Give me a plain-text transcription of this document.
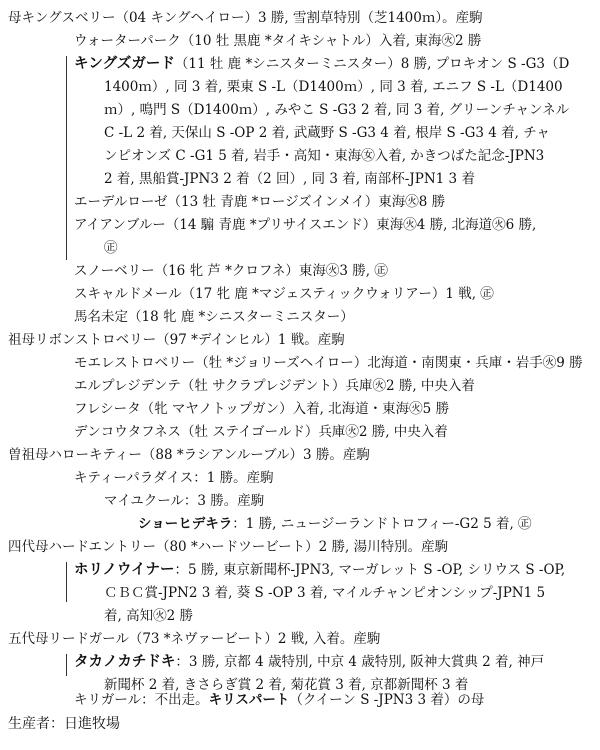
母キングスベリー（04 キングヘイロー）3 勝, 雪割草特別（芝1400ｍ）。産駒
ウォーターパーク（10 牡 黒鹿 *タイキシャトル）入着, 東海㊋2 勝
キングズガード（11 牡 鹿 *シニスターミニスター）8 勝, プロキオン S -G3（D
1400ｍ）, 同 3 着, 栗東 S -L（D1400ｍ）, 同 3 着, エニフ S -L（D1400
ｍ）, 鳴門 S（D1400ｍ）, みやこ S -G3 2 着, 同 3 着, グリーンチャンネル
C -L 2 着, 天保山 S -OP 2 着, 武蔵野 S -G3 4 着, 根岸 S -G3 4 着, チャ
ンピオンズ C -G1 5 着, 岩手・高知・東海㊛入着, かきつばた記念-JPN3
2 着, 黒船賞-JPN3 2 着（2 回）, 同 3 着, 南部杯-JPN1 3 着
エーデルローゼ（13 牡 青鹿 *ロージズインメイ）東海㊋8 勝
アイアンブルー（14 騸 青鹿 *プリサイスエンド）東海㊋4 勝, 北海道㊋6 勝,
㊣
スノーベリー（16 牝 芦 *クロフネ）東海㊋3 勝, ㊣
スキャルドメール（17 牝 鹿 *マジェスティックウォリアー）1 戦, ㊣
馬名未定（18 牝 鹿 *シニスターミニスター）
祖母リボンストロベリー（97 *デインヒル）1 戦。産駒
モエレストロベリー（牡 *ジョリーズヘイロー）北海道・南関東・兵庫・岩手㊋9 勝
エルプレジデンテ（牡 サクラプレジデント）兵庫㊋2 勝, 中央入着
フレシータ（牝 マヤノトップガン）入着, 北海道・東海㊋5 勝
デンコウタフネス（牡 ステイゴールド）兵庫㊋2 勝, 中央入着
曽祖母ハローキティー（88 *ラシアンルーブル）3 勝。産駒
キティーパラダイス：1 勝。産駒
マイユクール：3 勝。産駒
ショーヒデキラ：1 勝, ニュージーランドトロフィー-G2 5 着, ㊣
四代母ハードエントリー（80 *ハードツービート）2 勝, 湯川特別。産駒
ホリノウイナー：5 勝, 東京新聞杯-JPN3, マーガレット S -OP, シリウス S -OP,
ＣＢＣ賞-JPN2 3 着, 葵 S -OP 3 着, マイルチャンピオンシップ-JPN1 5
着, 高知㊋2 勝
五代母リードガール（73 *ネヴァービート）2 戦, 入着。産駒
タカノカチドキ：3 勝, 京都 4 歳特別, 中京 4 歳特別, 阪神大賞典 2 着, 神戸
新聞杯 2 着, きさらぎ賞 2 着, 菊花賞 3 着, 京都新聞杯 3 着
キリガール：不出走。キリスパート（クイーン S -JPN3 3 着）の母
生産者：日進牧場
